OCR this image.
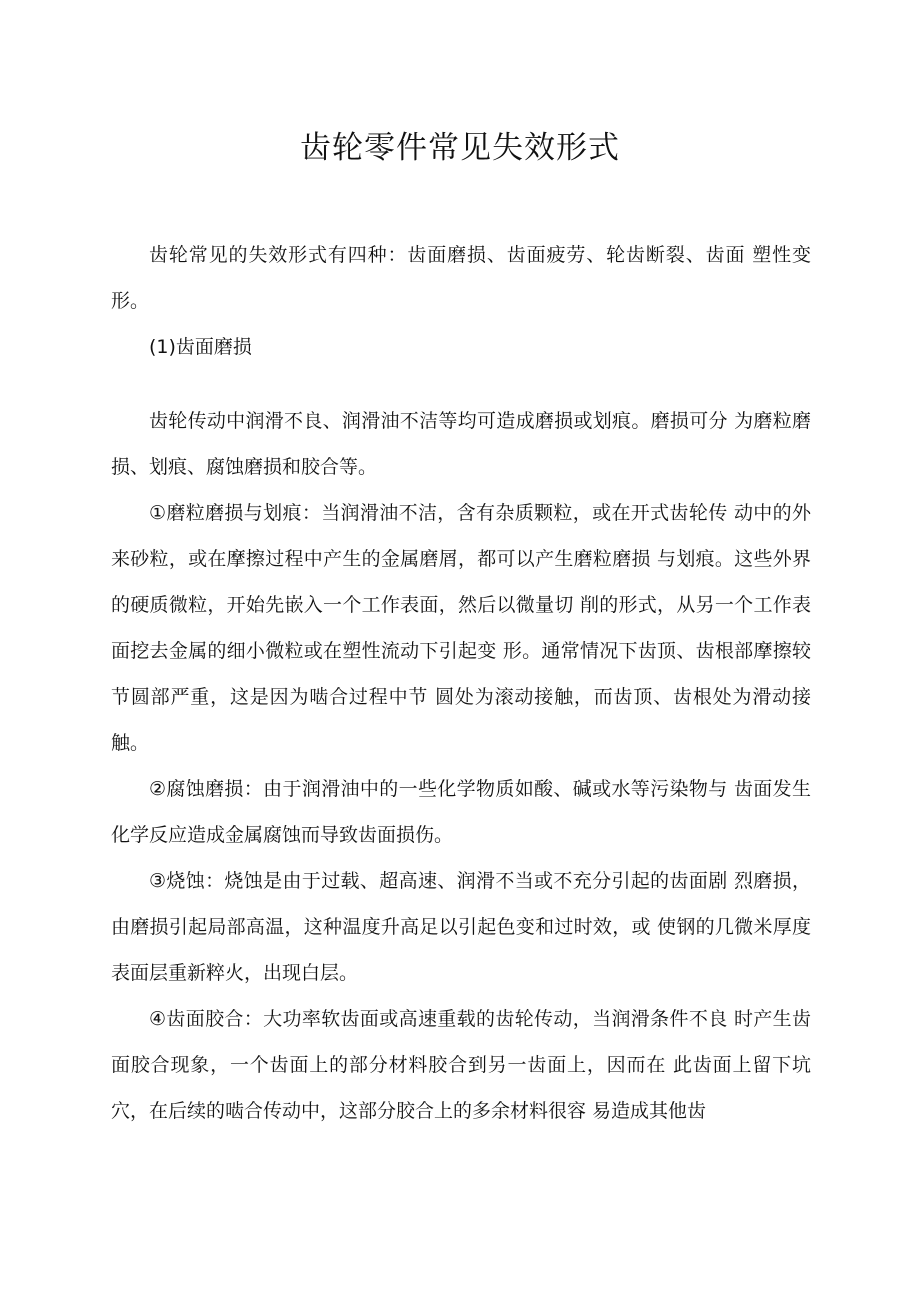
齿轮零件常见失效形式

齿轮常见的失效形式有四种：齿面磨损、齿面疲劳、轮齿断裂、齿面 塑性变形。

(1)齿面磨损

齿轮传动中润滑不良、润滑油不洁等均可造成磨损或划痕。磨损可分 为磨粒磨损、划痕、腐蚀磨损和胶合等。

①磨粒磨损与划痕：当润滑油不洁，含有杂质颗粒，或在开式齿轮传 动中的外来砂粒，或在摩擦过程中产生的金属磨屑，都可以产生磨粒磨损 与划痕。这些外界的硬质微粒，开始先嵌入一个工作表面，然后以微量切 削的形式，从另一个工作表面挖去金属的细小微粒或在塑性流动下引起变 形。通常情况下齿顶、齿根部摩擦较节圆部严重，这是因为啮合过程中节 圆处为滚动接触，而齿顶、齿根处为滑动接触。

②腐蚀磨损：由于润滑油中的一些化学物质如酸、碱或水等污染物与 齿面发生化学反应造成金属腐蚀而导致齿面损伤。

③烧蚀：烧蚀是由于过载、超高速、润滑不当或不充分引起的齿面剧 烈磨损，由磨损引起局部高温，这种温度升高足以引起色变和过时效，或 使钢的几微米厚度表面层重新粹火，出现白层。

④齿面胶合：大功率软齿面或高速重载的齿轮传动，当润滑条件不良 时产生齿面胶合现象，一个齿面上的部分材料胶合到另一齿面上，因而在 此齿面上留下坑穴，在后续的啮合传动中，这部分胶合上的多余材料很容 易造成其他齿
